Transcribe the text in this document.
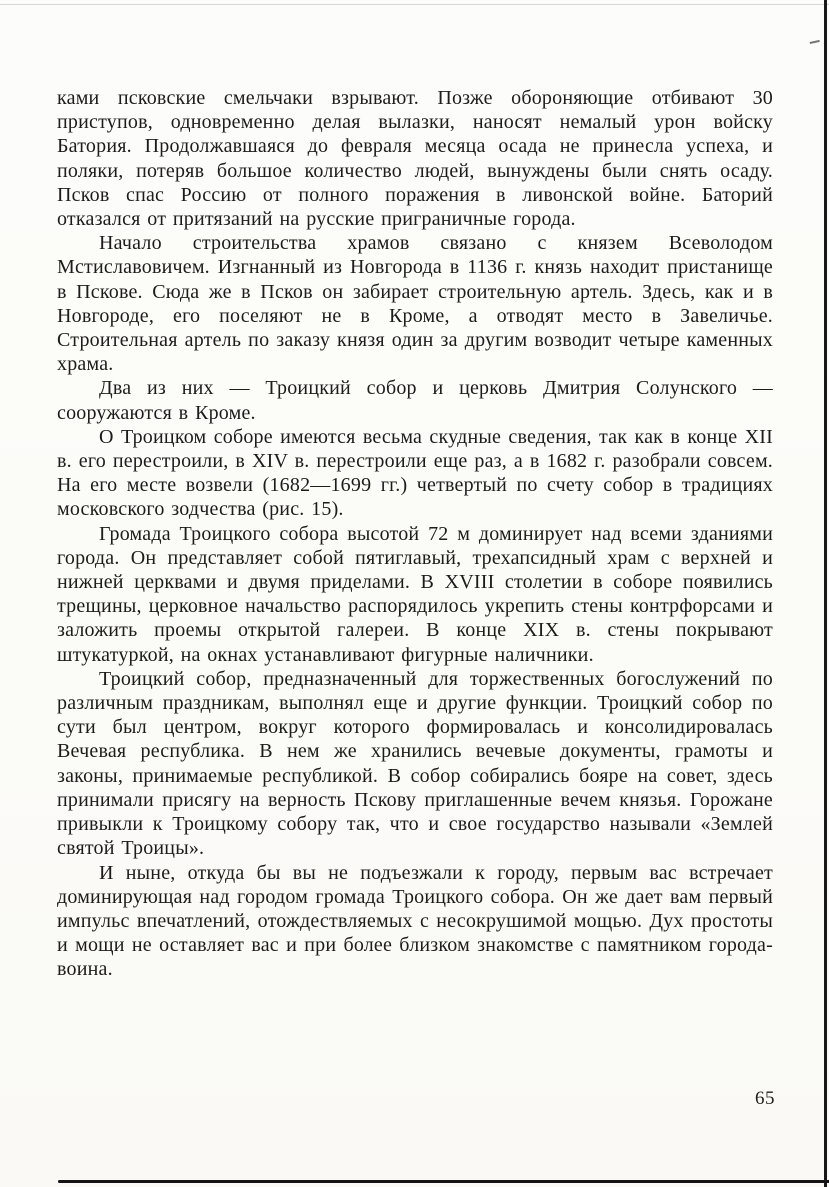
ками псковские смельчаки взрывают. Позже обороняющие отбивают 30 приступов, одновременно делая вылазки, наносят немалый урон войску Батория. Продолжавшаяся до февраля месяца осада не принесла успеха, и поляки, потеряв большое количество людей, вынуждены были снять осаду. Псков спас Россию от полного поражения в ливонской войне. Баторий отказался от притязаний на русские приграничные города.

Начало строительства храмов связано с князем Всеволодом Мстиславовичем. Изгнанный из Новгорода в 1136 г. князь находит пристанище в Пскове. Сюда же в Псков он забирает строительную артель. Здесь, как и в Новгороде, его поселяют не в Кроме, а отводят место в Завеличье. Строительная артель по заказу князя один за другим возводит четыре каменных храма.

Два из них — Троицкий собор и церковь Дмитрия Солунского — сооружаются в Кроме.

О Троицком соборе имеются весьма скудные сведения, так как в конце XII в. его перестроили, в XIV в. перестроили еще раз, а в 1682 г. разобрали совсем. На его месте возвели (1682—1699 гг.) четвертый по счету собор в традициях московского зодчества (рис. 15).

Громада Троицкого собора высотой 72 м доминирует над всеми зданиями города. Он представляет собой пятиглавый, трехапсидный храм с верхней и нижней церквами и двумя приделами. В XVIII столетии в соборе появились трещины, церковное начальство распорядилось укрепить стены контрфорсами и заложить проемы открытой галереи. В конце XIX в. стены покрывают штукатуркой, на окнах устанавливают фигурные наличники.

Троицкий собор, предназначенный для торжественных богослужений по различным праздникам, выполнял еще и другие функции. Троицкий собор по сути был центром, вокруг которого формировалась и консолидировалась Вечевая республика. В нем же хранились вечевые документы, грамоты и законы, принимаемые республикой. В собор собирались бояре на совет, здесь принимали присягу на верность Пскову приглашенные вечем князья. Горожане привыкли к Троицкому собору так, что и свое государство называли «Землей святой Троицы».

И ныне, откуда бы вы не подъезжали к городу, первым вас встречает доминирующая над городом громада Троицкого собора. Он же дает вам первый импульс впечатлений, отождествляемых с несокрушимой мощью. Дух простоты и мощи не оставляет вас и при более близком знакомстве с памятником города-воина.

65
